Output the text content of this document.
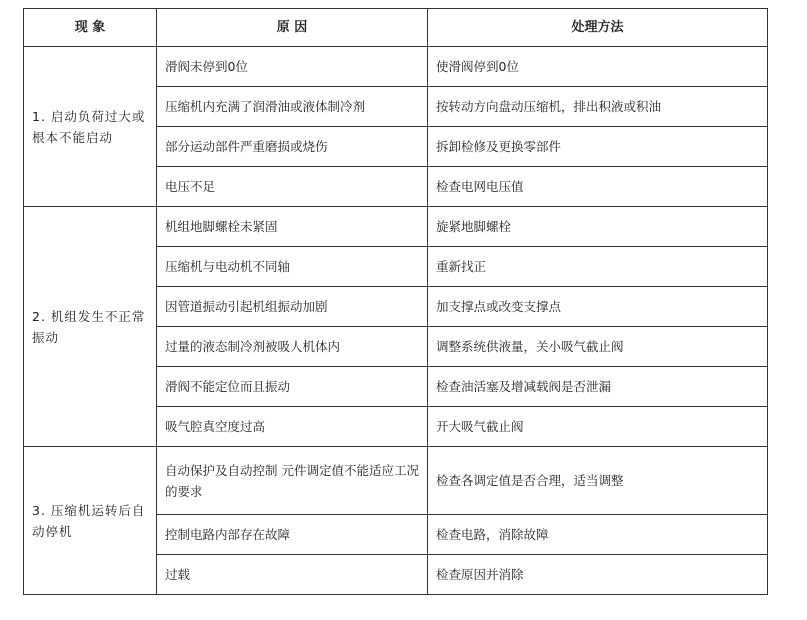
现 象	原 因	处理方法
1. 启动负荷过大或根本不能启动	滑阀未停到0位	使滑阀停到0位
	压缩机内充满了润滑油或液体制冷剂	按转动方向盘动压缩机，排出积液或积油
	部分运动部件严重磨损或烧伤	拆卸检修及更换零部件
	电压不足	检查电网电压值
2. 机组发生不正常振动	机组地脚螺栓未紧固	旋紧地脚螺栓
	压缩机与电动机不同轴	重新找正
	因管道振动引起机组振动加剧	加支撑点或改变支撑点
	过量的液态制冷剂被吸人机体内	调整系统供液量，关小吸气截止阀
	滑阀不能定位而且振动	检查油活塞及增减载阀是否泄漏
	吸气腔真空度过高	开大吸气截止阀
3. 压缩机运转后自动停机	自动保护及自动控制 元件调定值不能适应工况的要求	检查各调定值是否合理，适当调整
	控制电路内部存在故障	检查电路，消除故障
	过载	检查原因并消除
